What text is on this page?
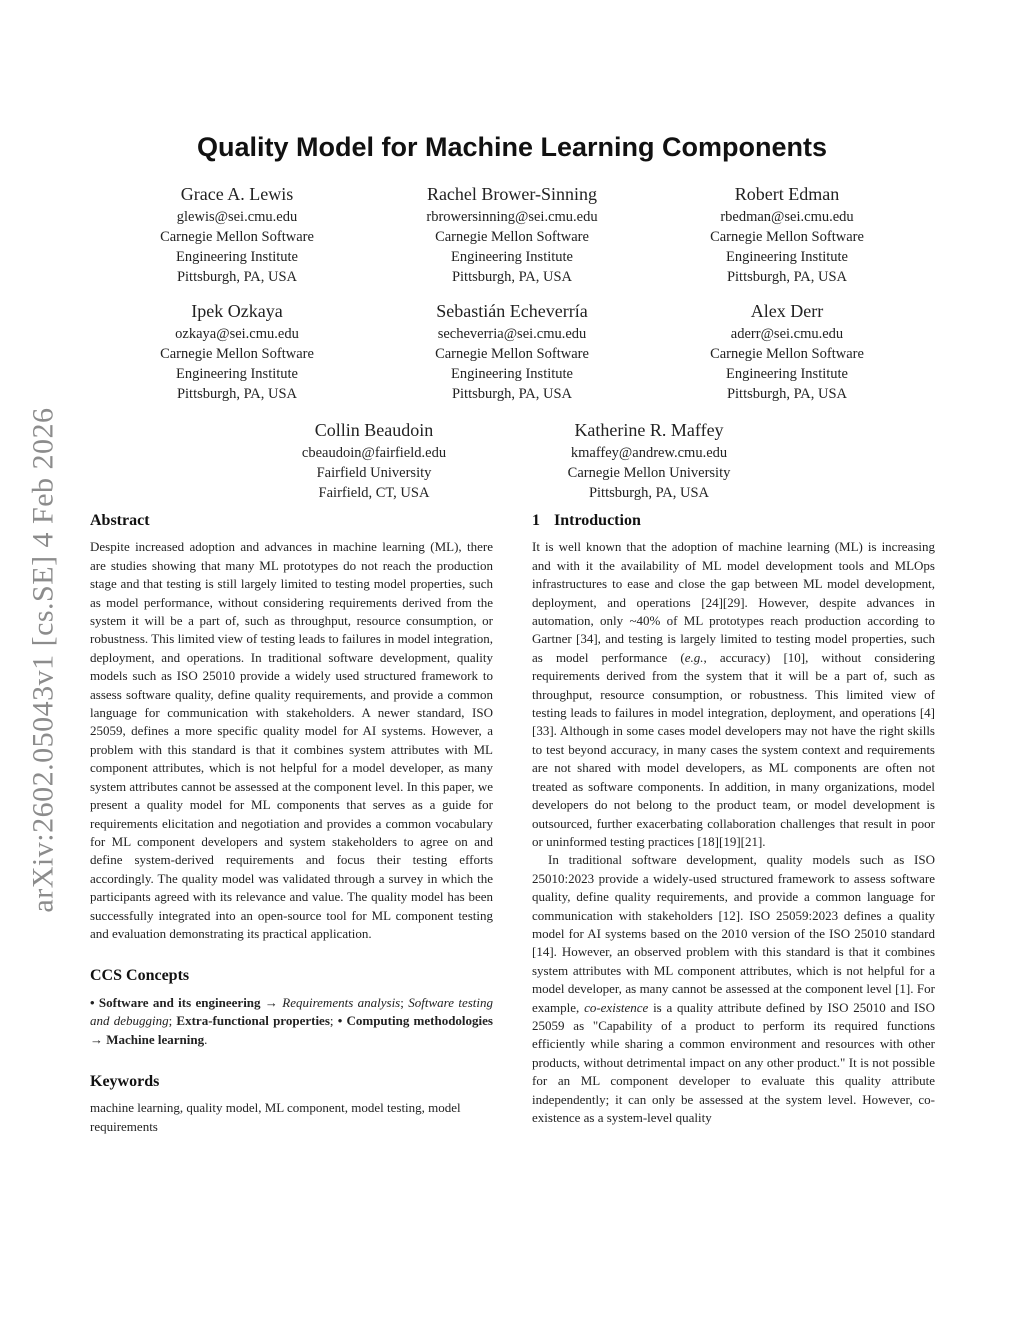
arXiv:2602.05043v1 [cs.SE] 4 Feb 2026
Quality Model for Machine Learning Components
Grace A. Lewis
glewis@sei.cmu.edu
Carnegie Mellon Software
Engineering Institute
Pittsburgh, PA, USA
Rachel Brower-Sinning
rbrowersinning@sei.cmu.edu
Carnegie Mellon Software
Engineering Institute
Pittsburgh, PA, USA
Robert Edman
rbedman@sei.cmu.edu
Carnegie Mellon Software
Engineering Institute
Pittsburgh, PA, USA
Ipek Ozkaya
ozkaya@sei.cmu.edu
Carnegie Mellon Software
Engineering Institute
Pittsburgh, PA, USA
Sebastián Echeverría
secheverria@sei.cmu.edu
Carnegie Mellon Software
Engineering Institute
Pittsburgh, PA, USA
Alex Derr
aderr@sei.cmu.edu
Carnegie Mellon Software
Engineering Institute
Pittsburgh, PA, USA
Collin Beaudoin
cbeaudoin@fairfield.edu
Fairfield University
Fairfield, CT, USA
Katherine R. Maffey
kmaffey@andrew.cmu.edu
Carnegie Mellon University
Pittsburgh, PA, USA
Abstract

Despite increased adoption and advances in machine learning (ML), there are studies showing that many ML prototypes do not reach the production stage and that testing is still largely limited to testing model properties, such as model performance, without considering requirements derived from the system it will be a part of, such as throughput, resource consumption, or robustness. This limited view of testing leads to failures in model integration, deployment, and operations. In traditional software development, quality models such as ISO 25010 provide a widely used structured framework to assess software quality, define quality requirements, and provide a common language for communication with stakeholders. A newer standard, ISO 25059, defines a more specific quality model for AI systems. However, a problem with this standard is that it combines system attributes with ML component attributes, which is not helpful for a model developer, as many system attributes cannot be assessed at the component level. In this paper, we present a quality model for ML components that serves as a guide for requirements elicitation and negotiation and provides a common vocabulary for ML component developers and system stakeholders to agree on and define system-derived requirements and focus their testing efforts accordingly. The quality model was validated through a survey in which the participants agreed with its relevance and value. The quality model has been successfully integrated into an open-source tool for ML component testing and evaluation demonstrating its practical application.

CCS Concepts

• Software and its engineering → Requirements analysis; Software testing and debugging; Extra-functional properties; • Computing methodologies → Machine learning.

Keywords

machine learning, quality model, ML component, model testing, model requirements

1 Introduction

It is well known that the adoption of machine learning (ML) is increasing and with it the availability of ML model development tools and MLOps infrastructures to ease and close the gap between ML model development, deployment, and operations [24][29]. However, despite advances in automation, only ~40% of ML prototypes reach production according to Gartner [34], and testing is largely limited to testing model properties, such as model performance (e.g., accuracy) [10], without considering requirements derived from the system that it will be a part of, such as throughput, resource consumption, or robustness. This limited view of testing leads to failures in model integration, deployment, and operations [4][33]. Although in some cases model developers may not have the right skills to test beyond accuracy, in many cases the system context and requirements are not shared with model developers, as ML components are often not treated as software components. In addition, in many organizations, model developers do not belong to the product team, or model development is outsourced, further exacerbating collaboration challenges that result in poor or uninformed testing practices [18][19][21].

In traditional software development, quality models such as ISO 25010:2023 provide a widely-used structured framework to assess software quality, define quality requirements, and provide a common language for communication with stakeholders [12]. ISO 25059:2023 defines a quality model for AI systems based on the 2010 version of the ISO 25010 standard [14]. However, an observed problem with this standard is that it combines system attributes with ML component attributes, which is not helpful for a model developer, as many cannot be assessed at the component level [1]. For example, co-existence is a quality attribute defined by ISO 25010 and ISO 25059 as "Capability of a product to perform its required functions efficiently while sharing a common environment and resources with other products, without detrimental impact on any other product." It is not possible for an ML component developer to evaluate this quality attribute independently; it can only be assessed at the system level. However, co-existence as a system-level quality
